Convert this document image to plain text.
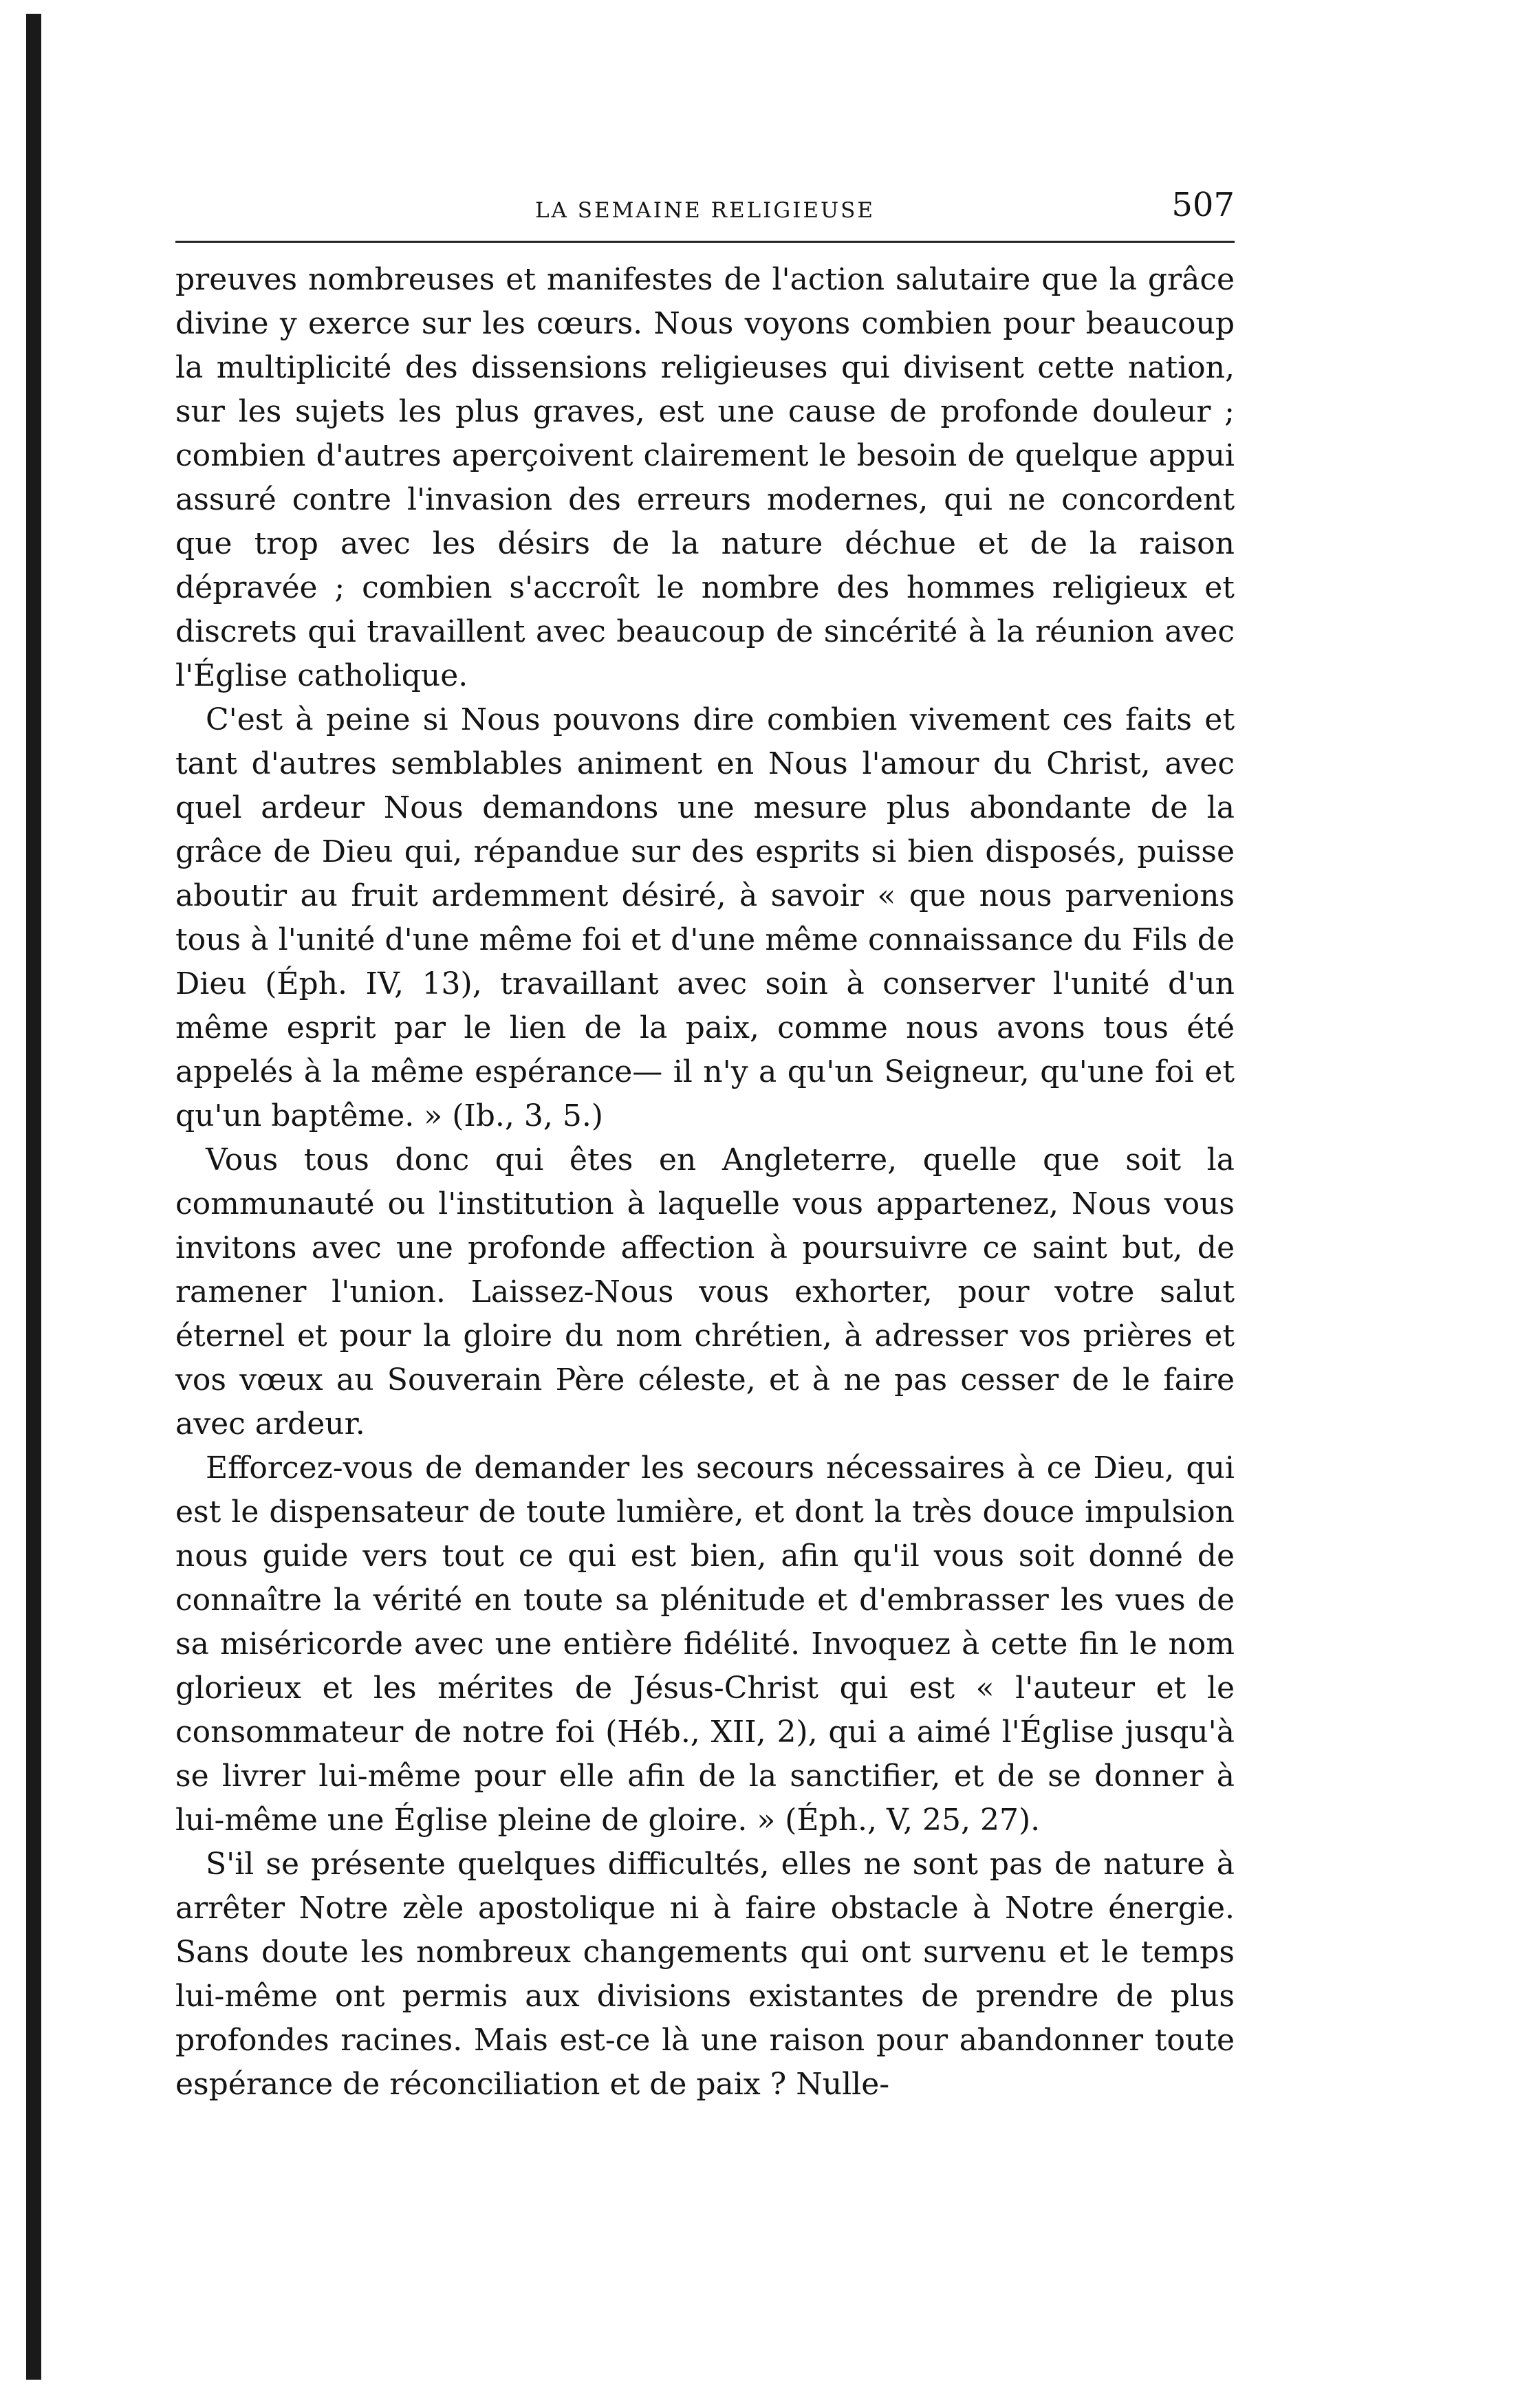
LA SEMAINE RELIGIEUSE	507

preuves nombreuses et manifestes de l'action salutaire que la grâce divine y exerce sur les cœurs. Nous voyons combien pour beaucoup la multiplicité des dissensions religieuses qui divisent cette nation, sur les sujets les plus graves, est une cause de profonde douleur ; combien d'autres aperçoivent clairement le besoin de quelque appui assuré contre l'invasion des erreurs modernes, qui ne concordent que trop avec les désirs de la nature déchue et de la raison dépravée ; combien s'accroît le nombre des hommes religieux et discrets qui travaillent avec beaucoup de sincérité à la réunion avec l'Église catholique.

C'est à peine si Nous pouvons dire combien vivement ces faits et tant d'autres semblables animent en Nous l'amour du Christ, avec quel ardeur Nous demandons une mesure plus abondante de la grâce de Dieu qui, répandue sur des esprits si bien disposés, puisse aboutir au fruit ardemment désiré, à savoir « que nous parvenions tous à l'unité d'une même foi et d'une même connaissance du Fils de Dieu (Éph. IV, 13), travaillant avec soin à conserver l'unité d'un même esprit par le lien de la paix, comme nous avons tous été appelés à la même espérance— il n'y a qu'un Seigneur, qu'une foi et qu'un baptême. » (Ib., 3, 5.)

Vous tous donc qui êtes en Angleterre, quelle que soit la communauté ou l'institution à laquelle vous appartenez, Nous vous invitons avec une profonde affection à poursuivre ce saint but, de ramener l'union. Laissez-Nous vous exhorter, pour votre salut éternel et pour la gloire du nom chrétien, à adresser vos prières et vos vœux au Souverain Père céleste, et à ne pas cesser de le faire avec ardeur.

Efforcez-vous de demander les secours nécessaires à ce Dieu, qui est le dispensateur de toute lumière, et dont la très douce impulsion nous guide vers tout ce qui est bien, afin qu'il vous soit donné de connaître la vérité en toute sa plénitude et d'embrasser les vues de sa miséricorde avec une entière fidélité. Invoquez à cette fin le nom glorieux et les mérites de Jésus-Christ qui est « l'auteur et le consommateur de notre foi (Héb., XII, 2), qui a aimé l'Église jusqu'à se livrer lui-même pour elle afin de la sanctifier, et de se donner à lui-même une Église pleine de gloire. » (Éph., V, 25, 27).

S'il se présente quelques difficultés, elles ne sont pas de nature à arrêter Notre zèle apostolique ni à faire obstacle à Notre énergie. Sans doute les nombreux changements qui ont survenu et le temps lui-même ont permis aux divisions existantes de prendre de plus profondes racines. Mais est-ce là une raison pour abandonner toute espérance de réconciliation et de paix ? Nulle-
